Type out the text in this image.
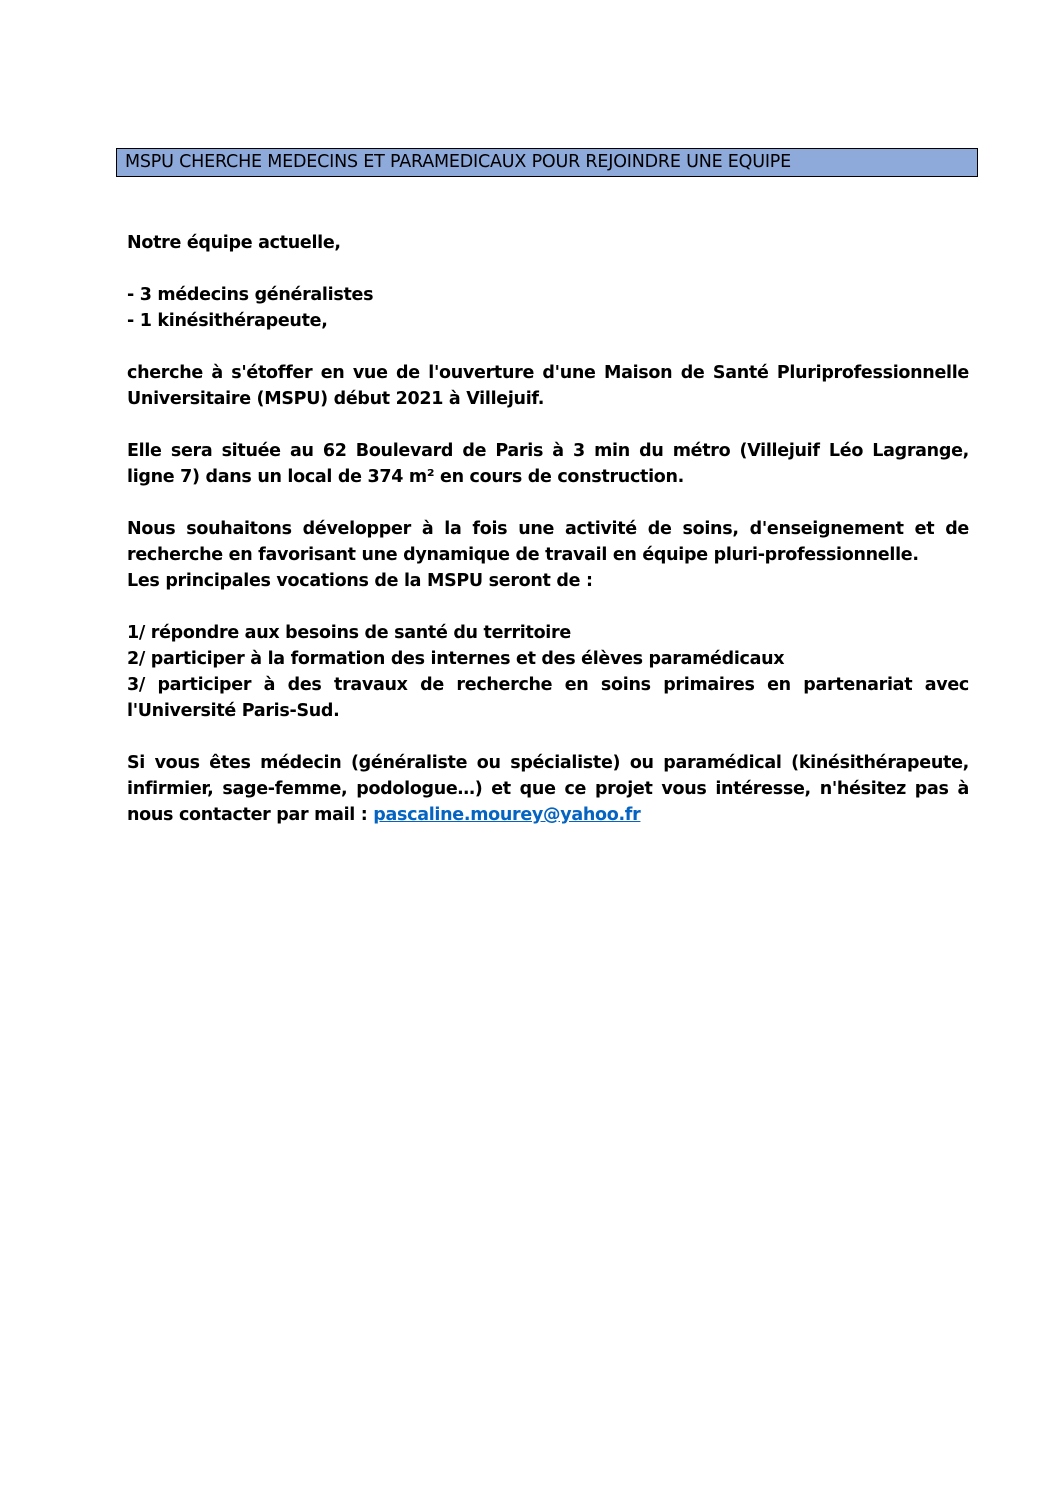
MSPU CHERCHE MEDECINS ET PARAMEDICAUX POUR REJOINDRE UNE EQUIPE

Notre équipe actuelle,

- 3 médecins généralistes

- 1 kinésithérapeute,

cherche à s'étoffer en vue de l'ouverture d'une Maison de Santé Pluriprofessionnelle Universitaire (MSPU) début 2021 à Villejuif.

Elle sera située au 62 Boulevard de Paris à 3 min du métro (Villejuif Léo Lagrange, ligne 7) dans un local de 374 m² en cours de construction.

Nous souhaitons développer à la fois une activité de soins, d'enseignement et de recherche en favorisant une dynamique de travail en équipe pluri-professionnelle.

Les principales vocations de la MSPU seront de :

1/ répondre aux besoins de santé du territoire

2/ participer à la formation des internes et des élèves paramédicaux

3/ participer à des travaux de recherche en soins primaires en partenariat avec l'Université Paris-Sud.

Si vous êtes médecin (généraliste ou spécialiste) ou paramédical (kinésithérapeute, infirmier, sage-femme, podologue…) et que ce projet vous intéresse, n'hésitez pas à nous contacter par mail : pascaline.mourey@yahoo.fr
